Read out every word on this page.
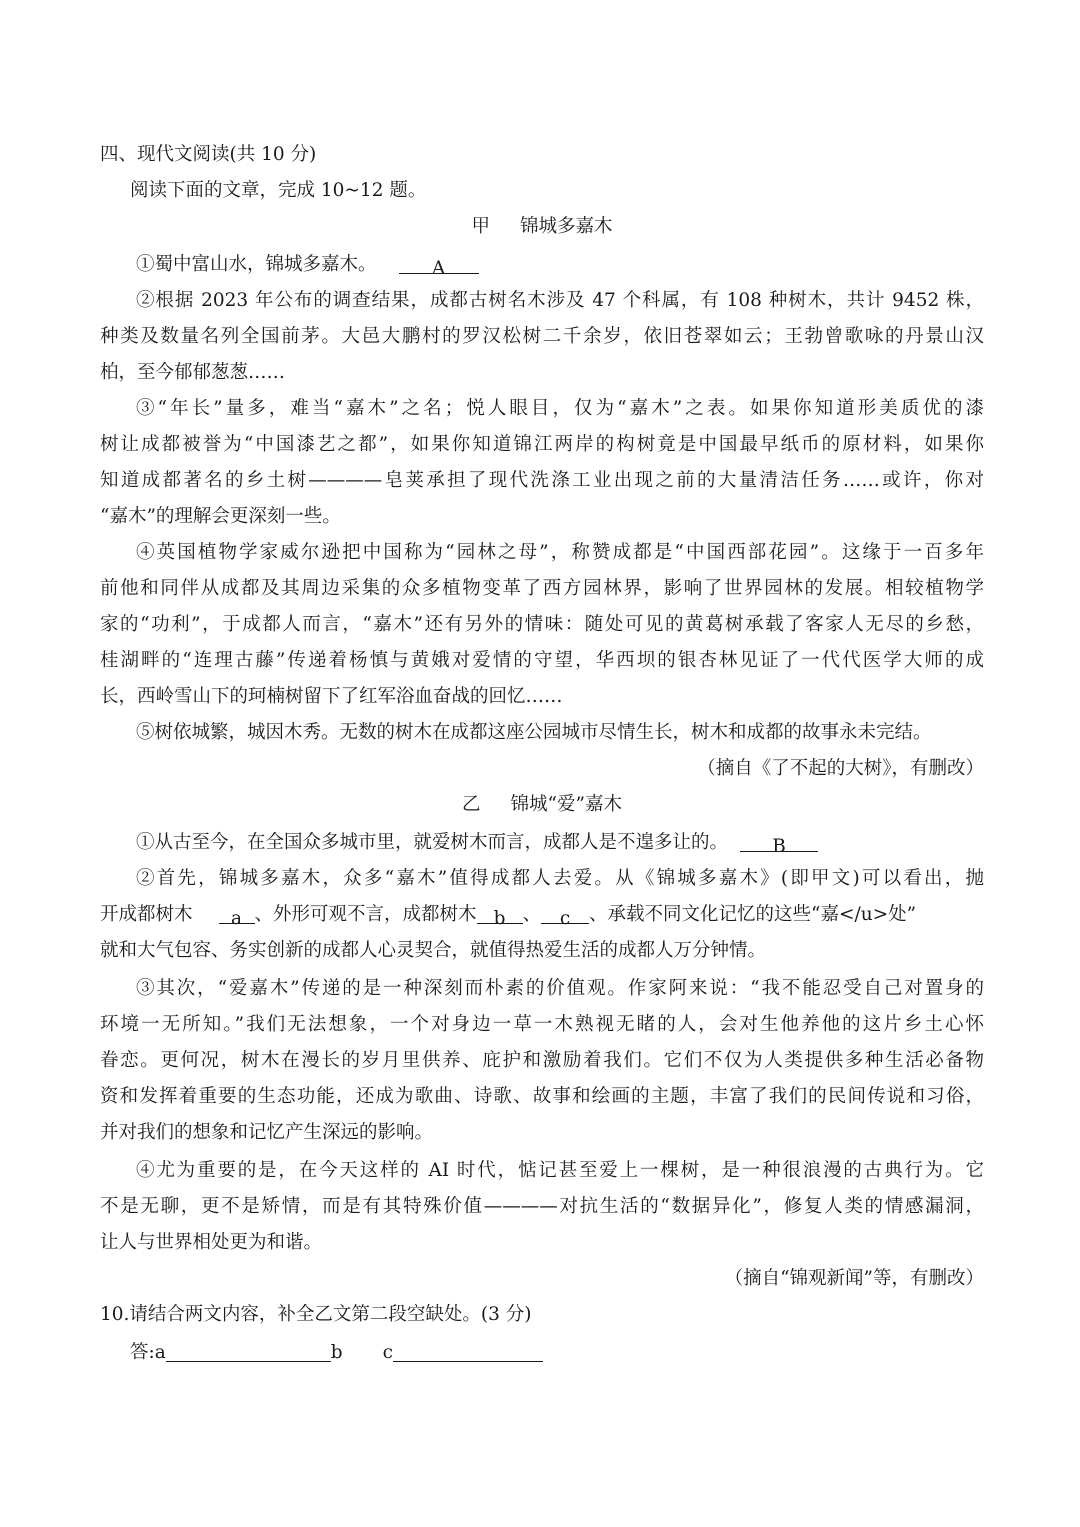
四、现代文阅读(共 10 分)
阅读下面的文章，完成 10~12 题。
甲 锦城多嘉木
①蜀中富山水，锦城多嘉木。	A
②根据 2023 年公布的调查结果，成都古树名木涉及 47 个科属，有 108 种树木，共计 9452 株，
种类及数量名列全国前茅。大邑大鹏村的罗汉松树二千余岁，依旧苍翠如云；王勃曾歌咏的丹景山汉
柏，至今郁郁葱葱……
③“年长”量多，难当“嘉木”之名；悦人眼目，仅为“嘉木”之表。如果你知道形美质优的漆
树让成都被誉为“中国漆艺之都”，如果你知道锦江两岸的构树竟是中国最早纸币的原材料，如果你
知道成都著名的乡土树————皂荚承担了现代洗涤工业出现之前的大量清洁任务……或许，你对
“嘉木”的理解会更深刻一些。
④英国植物学家威尔逊把中国称为“园林之母”，称赞成都是“中国西部花园”。这缘于一百多年
前他和同伴从成都及其周边采集的众多植物变革了西方园林界，影响了世界园林的发展。相较植物学
家的“功利”，于成都人而言，“嘉木”还有另外的情味：随处可见的黄葛树承载了客家人无尽的乡愁，
桂湖畔的“连理古藤”传递着杨慎与黄娥对爱情的守望，华西坝的银杏林见证了一代代医学大师的成
长，西岭雪山下的珂楠树留下了红军浴血奋战的回忆……
⑤树依城繁，城因木秀。无数的树木在成都这座公园城市尽情生长，树木和成都的故事永未完结。
（摘自《了不起的大树》，有删改）
乙 锦城“爱”嘉木
①从古至今，在全国众多城市里，就爱树木而言，成都人是不遑多让的。 B
②首先，锦城多嘉木，众多“嘉木”值得成都人去爱。从《锦城多嘉木》(即甲文)可以看出，抛
开成都树木 a 、外形可观不言，成都树木 b 、 c 、承载不同文化记忆的这些“嘉</u>处”
就和大气包容、务实创新的成都人心灵契合，就值得热爱生活的成都人万分钟情。
③其次，“爱嘉木”传递的是一种深刻而朴素的价值观。作家阿来说：“我不能忍受自己对置身的
环境一无所知。”我们无法想象，一个对身边一草一木熟视无睹的人，会对生他养他的这片乡土心怀
眷恋。更何况，树木在漫长的岁月里供养、庇护和激励着我们。它们不仅为人类提供多种生活必备物
资和发挥着重要的生态功能，还成为歌曲、诗歌、故事和绘画的主题，丰富了我们的民间传说和习俗，
并对我们的想象和记忆产生深远的影响。
④尤为重要的是，在今天这样的 AI 时代，惦记甚至爱上一棵树，是一种很浪漫的古典行为。它
不是无聊，更不是矫情，而是有其特殊价值————对抗生活的“数据异化”，修复人类的情感漏洞，
让人与世界相处更为和谐。
（摘自“锦观新闻”等，有删改）
10.请结合两文内容，补全乙文第二段空缺处。(3 分)
答:a	b c
